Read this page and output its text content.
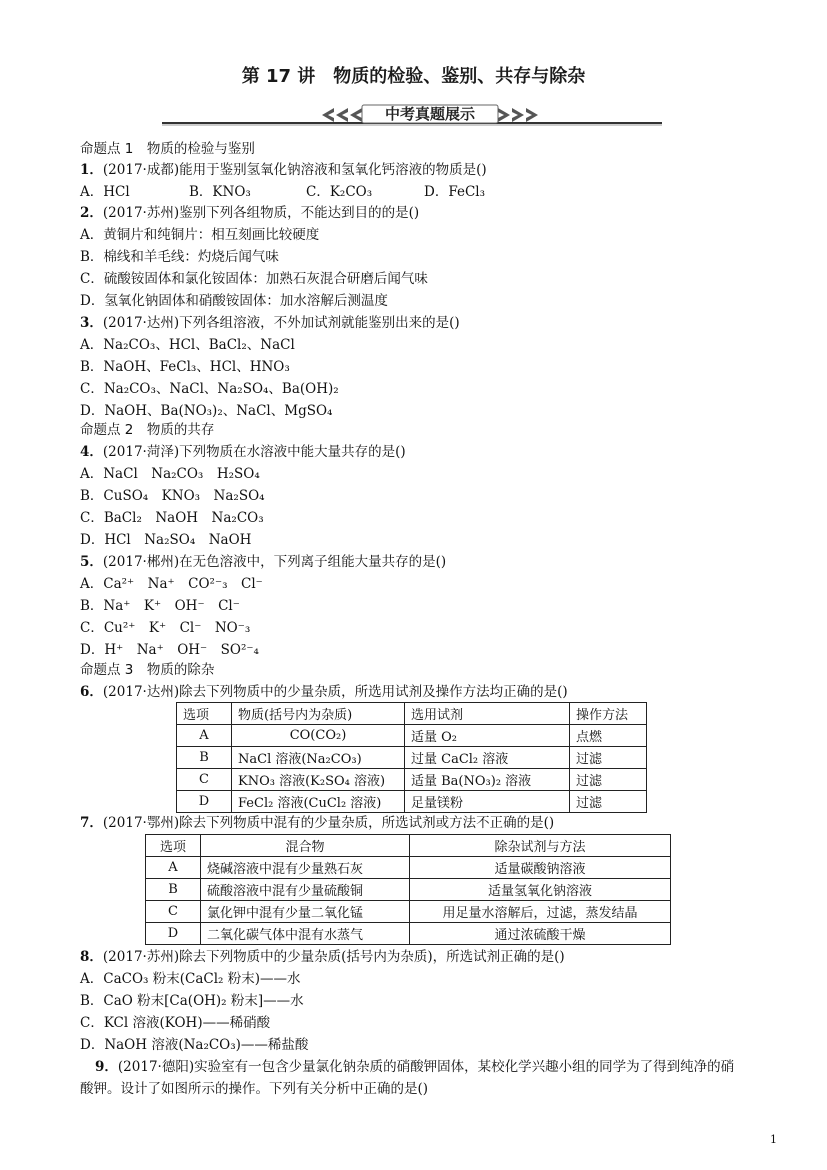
第 17 讲　物质的检验、鉴别、共存与除杂
中考真题展示
命题点 1　物质的检验与鉴别
1．(2017·成都)能用于鉴别氢氧化钠溶液和氢氧化钙溶液的物质是()
A．HCl	B．KNO₃	C．K₂CO₃	D．FeCl₃
2．(2017·苏州)鉴别下列各组物质，不能达到目的的是()
A．黄铜片和纯铜片：相互刻画比较硬度
B．棉线和羊毛线：灼烧后闻气味
C．硫酸铵固体和氯化铵固体：加熟石灰混合研磨后闻气味
D．氢氧化钠固体和硝酸铵固体：加水溶解后测温度
3．(2017·达州)下列各组溶液，不外加试剂就能鉴别出来的是()
A．Na₂CO₃、HCl、BaCl₂、NaCl
B．NaOH、FeCl₃、HCl、HNO₃
C．Na₂CO₃、NaCl、Na₂SO₄、Ba(OH)₂
D．NaOH、Ba(NO₃)₂、NaCl、MgSO₄
命题点 2　物质的共存
4．(2017·菏泽)下列物质在水溶液中能大量共存的是()
A．NaCl　Na₂CO₃　H₂SO₄
B．CuSO₄　KNO₃　Na₂SO₄
C．BaCl₂　NaOH　Na₂CO₃
D．HCl　Na₂SO₄　NaOH
5．(2017·郴州)在无色溶液中，下列离子组能大量共存的是()
A．Ca²⁺　Na⁺　CO²⁻₃　Cl⁻
B．Na⁺　K⁺　OH⁻　Cl⁻
C．Cu²⁺　K⁺　Cl⁻　NO⁻₃
D．H⁺　Na⁺　OH⁻　SO²⁻₄
命题点 3　物质的除杂
6．(2017·达州)除去下列物质中的少量杂质，所选用试剂及操作方法均正确的是()
选项	物质(括号内为杂质)	选用试剂	操作方法
A	CO(CO₂)	适量 O₂	点燃
B	NaCl 溶液(Na₂CO₃)	过量 CaCl₂ 溶液	过滤
C	KNO₃ 溶液(K₂SO₄ 溶液)	适量 Ba(NO₃)₂ 溶液	过滤
D	FeCl₂ 溶液(CuCl₂ 溶液)	足量镁粉	过滤
7．(2017·鄂州)除去下列物质中混有的少量杂质，所选试剂或方法不正确的是()
选项	混合物	除杂试剂与方法
A	烧碱溶液中混有少量熟石灰	适量碳酸钠溶液
B	硫酸溶液中混有少量硫酸铜	适量氢氧化钠溶液
C	氯化钾中混有少量二氧化锰	用足量水溶解后，过滤，蒸发结晶
D	二氧化碳气体中混有水蒸气	通过浓硫酸干燥
8．(2017·苏州)除去下列物质中的少量杂质(括号内为杂质)，所选试剂正确的是()
A．CaCO₃ 粉末(CaCl₂ 粉末)——水
B．CaO 粉末[Ca(OH)₂ 粉末]——水
C．KCl 溶液(KOH)——稀硝酸
D．NaOH 溶液(Na₂CO₃)——稀盐酸
9．(2017·德阳)实验室有一包含少量氯化钠杂质的硝酸钾固体，某校化学兴趣小组的同学为了得到纯净的硝
酸钾。设计了如图所示的操作。下列有关分析中正确的是()
1
